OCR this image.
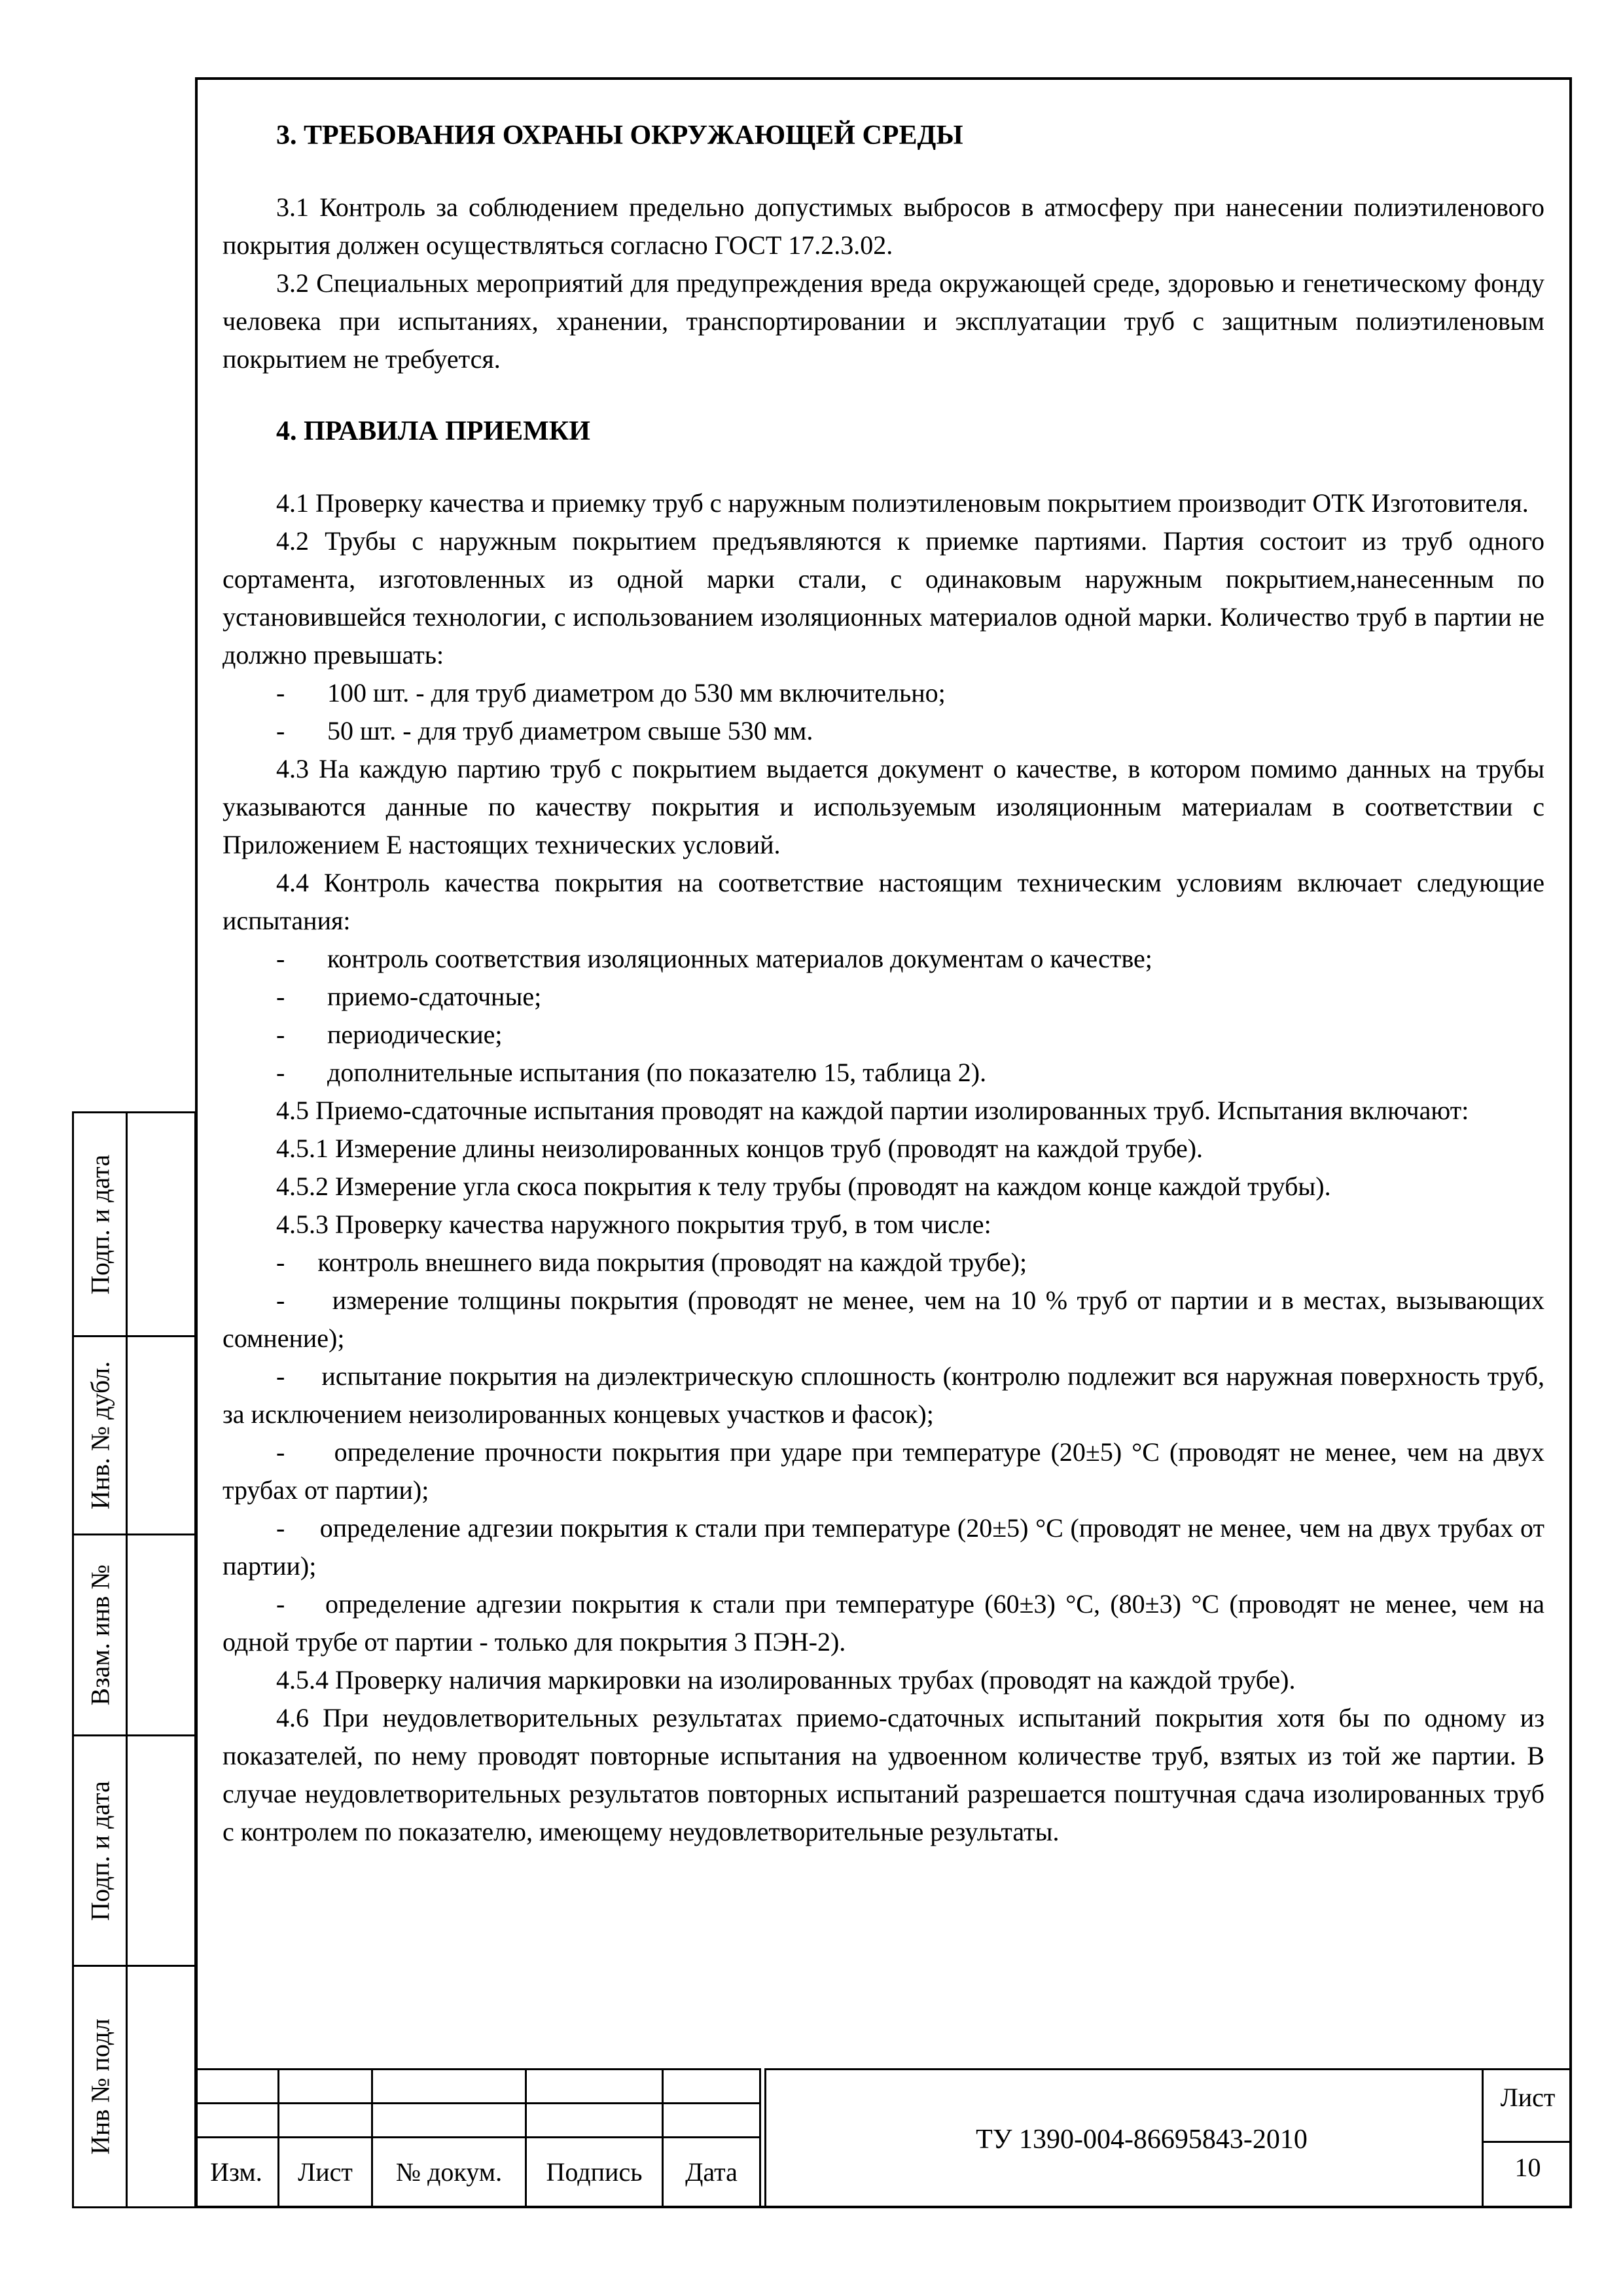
Подп. и дата
Инв. № дубл.
Взам. инв №
Подп. и дата
Инв № подл

3. ТРЕБОВАНИЯ ОХРАНЫ ОКРУЖАЮЩЕЙ СРЕДЫ

3.1 Контроль за соблюдением предельно допустимых выбросов в атмосферу при нанесении полиэтиленового покрытия должен осуществляться согласно ГОСТ 17.2.3.02.

3.2 Специальных мероприятий для предупреждения вреда окружающей среде, здоровью и генетическому фонду человека при испытаниях, хранении, транспортировании и эксплуатации труб с защитным полиэтиленовым покрытием не требуется.

4. ПРАВИЛА ПРИЕМКИ

4.1 Проверку качества и приемку труб с наружным полиэтиленовым покрытием производит ОТК Изготовителя.

4.2 Трубы с наружным покрытием предъявляются к приемке партиями. Партия состоит из труб одного сортамента, изготовленных из одной марки стали, с одинаковым наружным покрытием,нанесенным по установившейся технологии, с использованием изоляционных материалов одной марки. Количество труб в партии не должно превышать:

- 100 шт. - для труб диаметром до 530 мм включительно;

- 50 шт. - для труб диаметром свыше 530 мм.

4.3 На каждую партию труб с покрытием выдается документ о качестве, в котором помимо данных на трубы указываются данные по качеству покрытия и используемым изоляционным материалам в соответствии с Приложением Е настоящих технических условий.

4.4 Контроль качества покрытия на соответствие настоящим техническим условиям включает следующие испытания:

- контроль соответствия изоляционных материалов документам о качестве;

- приемо-сдаточные;

- периодические;

- дополнительные испытания (по показателю 15, таблица 2).

4.5 Приемо-сдаточные испытания проводят на каждой партии изолированных труб. Испытания включают:

4.5.1 Измерение длины неизолированных концов труб (проводят на каждой трубе).

4.5.2 Измерение угла скоса покрытия к телу трубы (проводят на каждом конце каждой трубы).

4.5.3 Проверку качества наружного покрытия труб, в том числе:

-     контроль внешнего вида покрытия (проводят на каждой трубе);

-     измерение толщины покрытия (проводят не менее, чем на 10 % труб от партии и в местах, вызывающих сомнение);

-     испытание покрытия на диэлектрическую сплошность (контролю подлежит вся наружная поверхность труб, за исключением неизолированных концевых участков и фасок);

-     определение прочности покрытия при ударе при температуре (20±5) °С (проводят не менее, чем на двух трубах от партии);

-     определение адгезии покрытия к стали при температуре (20±5) °С (проводят не менее, чем на двух трубах от партии);

-    определение адгезии покрытия к стали при температуре (60±3) °С, (80±3) °С (проводят не менее, чем на одной трубе от партии - только для покрытия 3 ПЭН-2).

4.5.4 Проверку наличия маркировки на изолированных трубах (проводят на каждой трубе).

4.6 При неудовлетворительных результатах приемо-сдаточных испытаний покрытия хотя бы по одному из показателей, по нему проводят повторные испытания на удвоенном количестве труб, взятых из той же партии. В случае неудовлетворительных результатов повторных испытаний разрешается поштучная сдача изолированных труб с контролем по показателю, имеющему неудовлетворительные результаты.

Изм.	Лист	№ докум.	Подпись	Дата
ТУ 1390-004-86695843-2010
Лист
10
